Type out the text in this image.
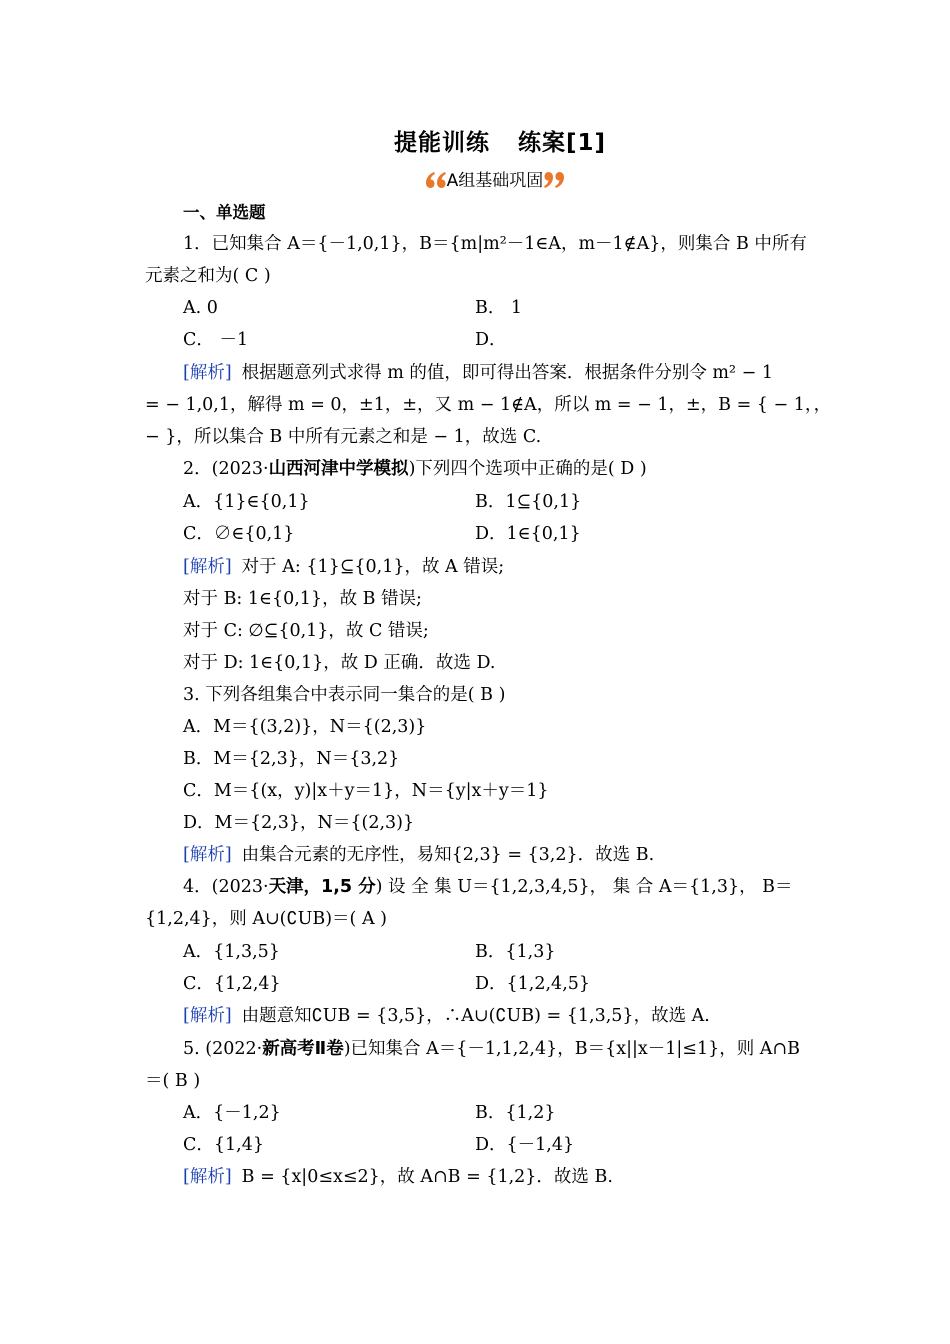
提能训练 练案[1]
A组基础巩固
一、单选题
1．已知集合 A＝{－1,0,1}，B＝{m|m²－1∈A，m－1∉A}，则集合 B 中所有
元素之和为( C )
A. 0	B． 1
C． －1	D．
[解析] 根据题意列式求得 m 的值，即可得出答案．根据条件分别令 m² − 1
= − 1,0,1，解得 m = 0，±1，±，又 m − 1∉A，所以 m = − 1，±，B = { − 1，，
− }，所以集合 B 中所有元素之和是 − 1，故选 C.
2．(2023·山西河津中学模拟)下列四个选项中正确的是( D )
A．{1}∈{0,1}	B．1⊆{0,1}
C．∅∈{0,1}	D．1∈{0,1}
[解析] 对于 A: {1}⊆{0,1}，故 A 错误;
对于 B: 1∈{0,1}，故 B 错误;
对于 C: ∅⊆{0,1}，故 C 错误;
对于 D: 1∈{0,1}，故 D 正确．故选 D.
3. 下列各组集合中表示同一集合的是( B )
A．M＝{(3,2)}，N＝{(2,3)}
B．M＝{2,3}，N＝{3,2}
C．M＝{(x，y)|x＋y＝1}，N＝{y|x＋y＝1}
D．M＝{2,3}，N＝{(2,3)}
[解析] 由集合元素的无序性，易知{2,3} = {3,2}．故选 B.
4．(2023·天津，1,5 分) 设 全 集 U＝{1,2,3,4,5}， 集 合 A＝{1,3}， B＝
{1,2,4}，则 A∪(∁UB)＝( A )
A．{1,3,5}	B．{1,3}
C．{1,2,4}	D．{1,2,4,5}
[解析] 由题意知∁UB = {3,5}，∴A∪(∁UB) = {1,3,5}，故选 A.
5. (2022·新高考Ⅱ卷)已知集合 A＝{－1,1,2,4}，B＝{x||x－1|≤1}，则 A∩B
＝( B )
A．{－1,2}	B．{1,2}
C．{1,4}	D．{－1,4}
[解析] B = {x|0≤x≤2}，故 A∩B = {1,2}．故选 B.
